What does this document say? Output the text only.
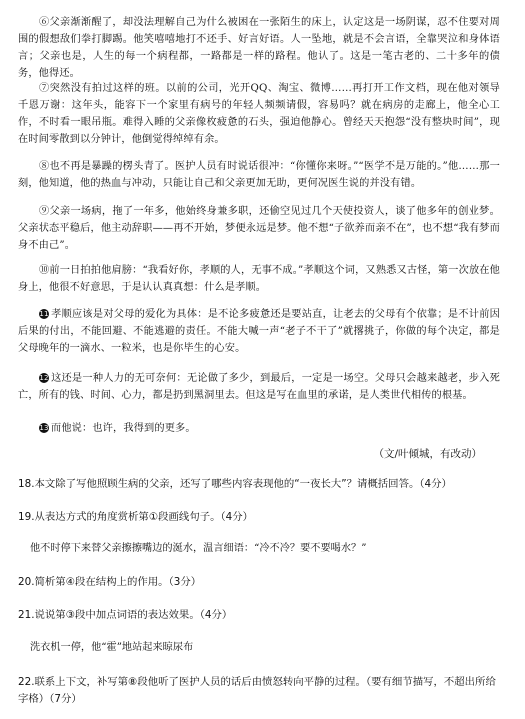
⑥父亲渐渐醒了，却没法理解自己为什么被困在一张陌生的床上，认定这是一场阴谋，忍不住要对周围的假想敌们拳打脚踢。他笑嘻嘻地打不还手、好言好语。人一坠地，就是不会言语，全靠哭泣和身体语言；父亲也是，人生的每一个病程都，一路都是一样的路程。他认了。这是一笔古老的、二十多年的债务，他得还。

⑦突然没有拍过这样的班。以前的公司，光开QQ、淘宝、微博……再打开工作文档，现在他对领导千恩万谢：这年头，能容下一个家里有病号的年轻人频频请假，容易吗？就在病房的走廊上，他全心工作，不时看一眼吊瓶。难得入睡的父亲像枚疲惫的石头，强迫他静心。曾经天天抱怨“没有整块时间”，现在时间零散到以分钟计，他倒觉得绰绰有余。

⑧也不再是暴躁的楞头青了。医护人员有时说话很冲：“你懂你来呀。”“医学不是万能的。”他……那一刻，他知道，他的热血与冲动，只能让自己和父亲更加无助，更何况医生说的并没有错。

⑨父亲一场病，拖了一年多，他始终身兼多职，还偷空见过几个天使投资人，谈了他多年的创业梦。父亲状态平稳后，他主动辞职——再不开始，梦便永远是梦。他不想“子欲养而亲不在”，也不想“我有梦而身不由己”。

⑩前一日拍拍他肩膀：“我看好你，孝顺的人，无事不成。”孝顺这个词，又熟悉又古怪，第一次放在他身上，他很不好意思，于是认认真真想：什么是孝顺。

11 孝顺应该是对父母的爱化为具体：是不论多疲惫还是要站直，让老去的父母有个依靠；是不计前因后果的付出，不能回避、不能逃避的责任。不能大喊一声“老子不干了”就撂挑子，你做的每个决定，都是父母晚年的一滴水、一粒米，也是你毕生的心安。

12 这还是一种人力的无可奈何：无论做了多少，到最后，一定是一场空。父母只会越来越老，步入死亡，所有的钱、时间、心力，都是扔到黑洞里去。但这是写在血里的承诺，是人类世代相传的根基。

13 而他说：也许，我得到的更多。

（文/叶倾城，有改动）

18.本文除了写他照顾生病的父亲，还写了哪些内容表现他的“一夜长大”？请概括回答。（4分）

19.从表达方式的角度赏析第①段画线句子。（4分）

他不时停下来替父亲擦擦嘴边的涎水，温言细语：“冷不冷？要不要喝水？”

20.简析第④段在结构上的作用。（3分）

21.说说第③段中加点词语的表达效果。（4分）

洗衣机一停，他“霍”地站起来晾尿布

22.联系上下文，补写第⑧段他听了医护人员的话后由愤怒转向平静的过程。（要有细节描写，不超出所给字格）（7分）
